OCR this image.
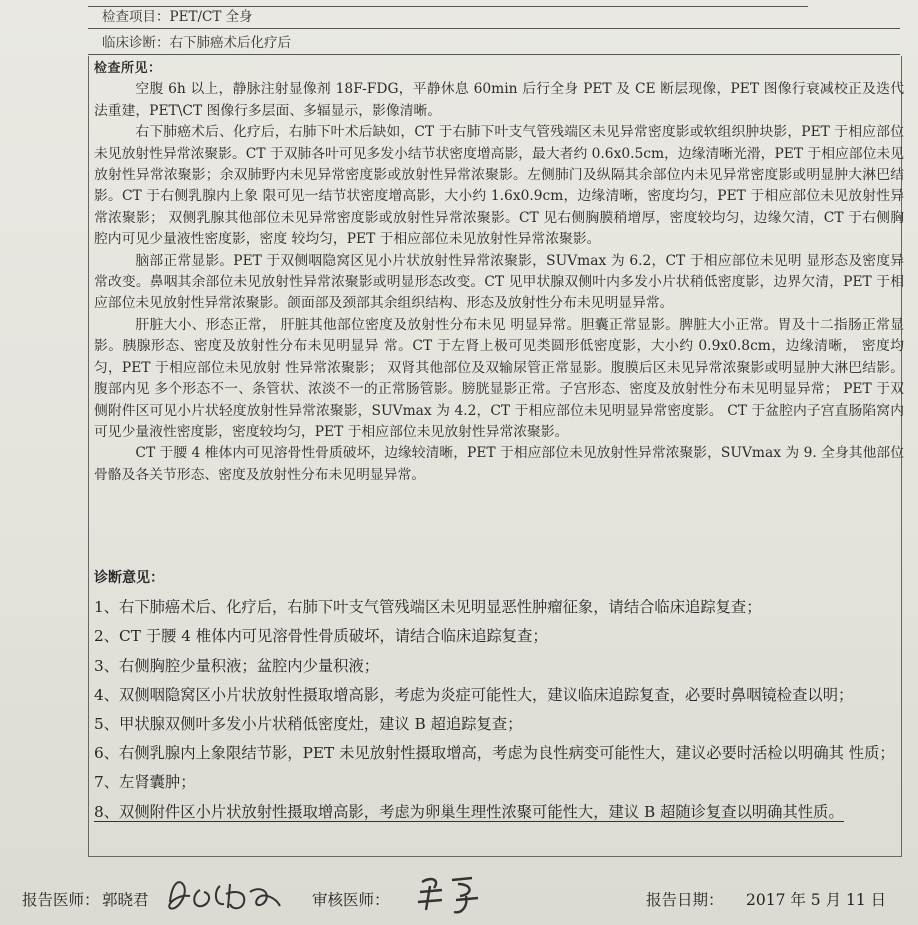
检查项目：PET/CT 全身
临床诊断：右下肺癌术后化疗后

检查所见：

空腹 6h 以上，静脉注射显像剂 18F-FDG，平静休息 60min 后行全身 PET 及 CE 断层现像，PET 图像行衰减校正及迭代法重建，PET\CT 图像行多层面、多辐显示，影像清晰。

右下肺癌术后、化疗后，右肺下叶术后缺如，CT 于右肺下叶支气管残端区未见异常密度影或软组织肿块影，PET 于相应部位未见放射性异常浓聚影。CT 于双肺各叶可见多发小结节状密度增高影，最大者约 0.6x0.5cm，边缘清晰光滑，PET 于相应部位未见放射性异常浓聚影；余双肺野内未见异常密度影或放射性异常浓聚影。左侧肺门及纵隔其余部位内未见异常密度影或明显肿大淋巴结影。CT 于右侧乳腺内上象 限可见一结节状密度增高影，大小约 1.6x0.9cm，边缘清晰，密度均匀，PET 于相应部位未见放射性异常浓聚影； 双侧乳腺其他部位未见异常密度影或放射性异常浓聚影。CT 见右侧胸膜稍增厚，密度较均匀，边缘欠清，CT 于右侧胸腔内可见少量液性密度影，密度 较均匀，PET 于相应部位未见放射性异常浓聚影。

脑部正常显影。PET 于双侧咽隐窝区见小片状放射性异常浓聚影，SUVmax 为 6.2，CT 于相应部位未见明 显形态及密度异常改变。鼻咽其余部位未见放射性异常浓聚影或明显形态改变。CT 见甲状腺双侧叶内多发小片状稍低密度影，边界欠清，PET 于相应部位未见放射性异常浓聚影。颌面部及颈部其余组织结构、形态及放射性分布未见明显异常。

肝脏大小、形态正常， 肝脏其他部位密度及放射性分布未见 明显异常。胆囊正常显影。脾脏大小正常。胃及十二指肠正常显影。胰腺形态、密度及放射性分布未见明显异 常。CT 于左肾上极可见类圆形低密度影，大小约 0.9x0.8cm，边缘清晰， 密度均匀，PET 于相应部位未见放射 性异常浓聚影； 双肾其他部位及双输尿管正常显影。腹膜后区未见异常浓聚影或明显肿大淋巴结影。腹部内见 多个形态不一、条管状、浓淡不一的正常肠管影。膀胱显影正常。子宫形态、密度及放射性分布未见明显异常； PET 于双侧附件区可见小片状轻度放射性异常浓聚影，SUVmax 为 4.2，CT 于相应部位未见明显异常密度影。 CT 于盆腔内子宫直肠陷窝内可见少量液性密度影，密度较均匀，PET 于相应部位未见放射性异常浓聚影。

CT 于腰 4 椎体内可见溶骨性骨质破坏，边缘较清晰，PET 于相应部位未见放射性异常浓聚影，SUVmax 为 9. 全身其他部位骨骼及各关节形态、密度及放射性分布未见明显异常。

诊断意见：

1、右下肺癌术后、化疗后，右肺下叶支气管残端区未见明显恶性肿瘤征象，请结合临床追踪复查；

2、CT 于腰 4 椎体内可见溶骨性骨质破坏，请结合临床追踪复查；

3、右侧胸腔少量积液；盆腔内少量积液；

4、双侧咽隐窝区小片状放射性摄取增高影，考虑为炎症可能性大，建议临床追踪复查，必要时鼻咽镜检查以明；

5、甲状腺双侧叶多发小片状稍低密度灶，建议 B 超追踪复查；

6、右侧乳腺内上象限结节影，PET 未见放射性摄取增高，考虑为良性病变可能性大，建议必要时活检以明确其 性质；

7、左肾囊肿；

8、双侧附件区小片状放射性摄取增高影，考虑为卵巢生理性浓聚可能性大，建议 B 超随诊复查以明确其性质。

报告医师： 郭晓君	审核医师：	报告日期： 2017 年 5 月 11 日
